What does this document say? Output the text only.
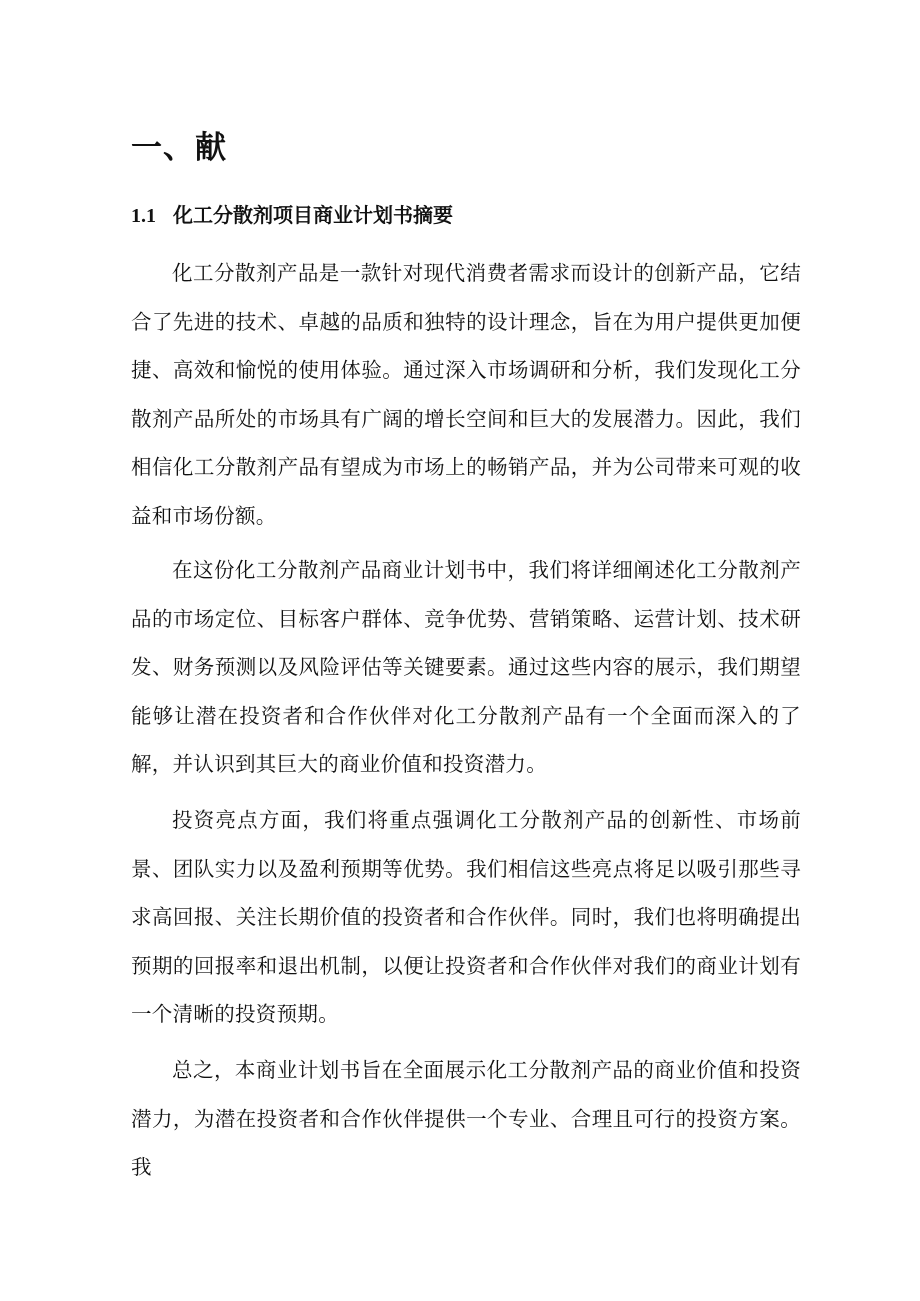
一、献
1.1 化工分散剂项目商业计划书摘要

化工分散剂产品是一款针对现代消费者需求而设计的创新产品，它结合了先进的技术、卓越的品质和独特的设计理念，旨在为用户提供更加便捷、高效和愉悦的使用体验。通过深入市场调研和分析，我们发现化工分散剂产品所处的市场具有广阔的增长空间和巨大的发展潜力。因此，我们相信化工分散剂产品有望成为市场上的畅销产品，并为公司带来可观的收益和市场份额。

在这份化工分散剂产品商业计划书中，我们将详细阐述化工分散剂产品的市场定位、目标客户群体、竞争优势、营销策略、运营计划、技术研发、财务预测以及风险评估等关键要素。通过这些内容的展示，我们期望能够让潜在投资者和合作伙伴对化工分散剂产品有一个全面而深入的了解，并认识到其巨大的商业价值和投资潜力。

投资亮点方面，我们将重点强调化工分散剂产品的创新性、市场前景、团队实力以及盈利预期等优势。我们相信这些亮点将足以吸引那些寻求高回报、关注长期价值的投资者和合作伙伴。同时，我们也将明确提出预期的回报率和退出机制，以便让投资者和合作伙伴对我们的商业计划有一个清晰的投资预期。

总之，本商业计划书旨在全面展示化工分散剂产品的商业价值和投资潜力，为潜在投资者和合作伙伴提供一个专业、合理且可行的投资方案。我
